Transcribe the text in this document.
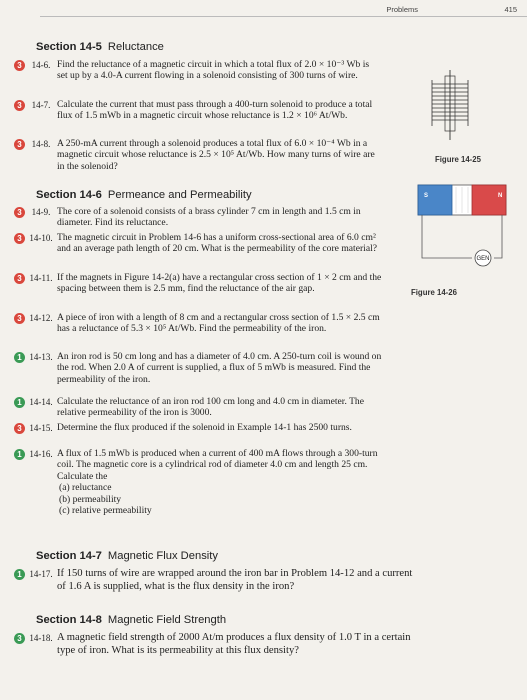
Problems	415
Section 14-5 Reluctance
3	14-6. Find the reluctance of a magnetic circuit in which a total flux of 2.0 × 10⁻³ Wb is set up by a 4.0-A current flowing in a solenoid consisting of 300 turns of wire.
3	14-7. Calculate the current that must pass through a 400-turn solenoid to produce a total flux of 1.5 mWb in a magnetic circuit whose reluctance is 1.2 × 10⁶ At/Wb.
3	14-8. A 250-mA current through a solenoid produces a total flux of 6.0 × 10⁻⁴ Wb in a magnetic circuit whose reluctance is 2.5 × 10⁵ At/Wb. How many turns of wire are in the solenoid?
Section 14-6 Permeance and Permeability
3	14-9. The core of a solenoid consists of a brass cylinder 7 cm in length and 1.5 cm in diameter. Find its reluctance.
3 14-10. The magnetic circuit in Problem 14-6 has a uniform cross-sectional area of 6.0 cm² and an average path length of 20 cm. What is the permeability of the core material?
3 14-11. If the magnets in Figure 14-2(a) have a rectangular cross section of 1 × 2 cm and the spacing between them is 2.5 mm, find the reluctance of the air gap.
3 14-12. A piece of iron with a length of 8 cm and a rectangular cross section of 1.5 × 2.5 cm has a reluctance of 5.3 × 10⁵ At/Wb. Find the permeability of the iron.
1 14-13. An iron rod is 50 cm long and has a diameter of 4.0 cm. A 250-turn coil is wound on the rod. When 2.0 A of current is supplied, a flux of 5 mWb is measured. Find the permeability of the iron.
1 14-14. Calculate the reluctance of an iron rod 100 cm long and 4.0 cm in diameter. The relative permeability of the iron is 3000.
3 14-15. Determine the flux produced if the solenoid in Example 14-1 has 2500 turns.
1 14-16. A flux of 1.5 mWb is produced when a current of 400 mA flows through a 300-turn coil. The magnetic core is a cylindrical rod of diameter 4.0 cm and length 25 cm. Calculate the
(a) reluctance
(b) permeability
(c) relative permeability
Section 14-7 Magnetic Flux Density
1 14-17. If 150 turns of wire are wrapped around the iron bar in Problem 14-12 and a current of 1.6 A is supplied, what is the flux density in the iron?
Section 14-8 Magnetic Field Strength
3 14-18. A magnetic field strength of 2000 At/m produces a flux density of 1.0 T in a certain type of iron. What is its permeability at this flux density?
Figure 14-25
S	N
GEN
Figure 14-26
